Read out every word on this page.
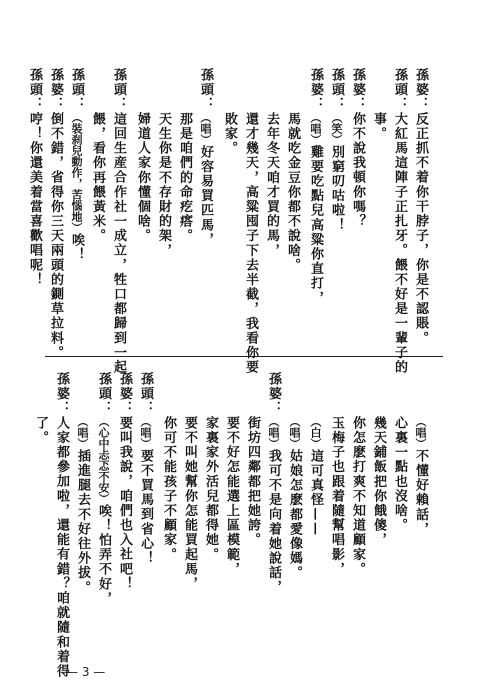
孫婆：反正抓不着你干脖子，你是不認賬。
孫頭：大紅馬這陣子正扎牙。餵不好是一輩子的
事。
孫婆：你不說我頓你嗎？
孫頭：（笑）別窮叨咕啦！
孫婆：（唱）雞要吃點兒高粱你直打，
馬就吃金豆你都不說啥。
去年冬天咱才買的馬，
還才幾天，高粱囤子下去半截，我看你要
敗家。
孫頭：（唱）好容易買匹馬，
那是咱們的命疙瘩。
天生你是不存財的架，
婦道人家你懂個啥。
孫頭：這回生産合作社一成立，牲口都歸到一起
餵，看你再餵黃米。
孫頭：（裝刹兒動作，苦惱地）唉！
孫婆：倒不錯，省得你三天兩頭的鍘草拉料。
孫頭：哼！你還美着當喜歡唱呢！
（唱）不懂好賴話，
心裏一點也沒啥。
幾天鋪飯把你餓傻，
你怎麽打爽不知道顧家。
玉梅子也跟着隨幫唱影，
（白）這可真怪——
（唱）姑娘怎麽都愛像媽。
孫婆：（唱）我可不是向着她說話，
街坊四鄰都把她誇。
要不好怎能選上區模範，
家裏家外活兒都得她。
要不叫她幫你怎能買起馬，
你可不能孩子不顧家。
孫頭：（唱）要不買馬到省心！
孫婆：要叫我說，咱們也入社吧！
孫頭：（心中忐忑不安）唉！怕弄不好，
（唱）插進腿去不好往外拔。
孫婆：人家都參加啦，還能有錯？咱就隨和着得
了。
— 3 —
